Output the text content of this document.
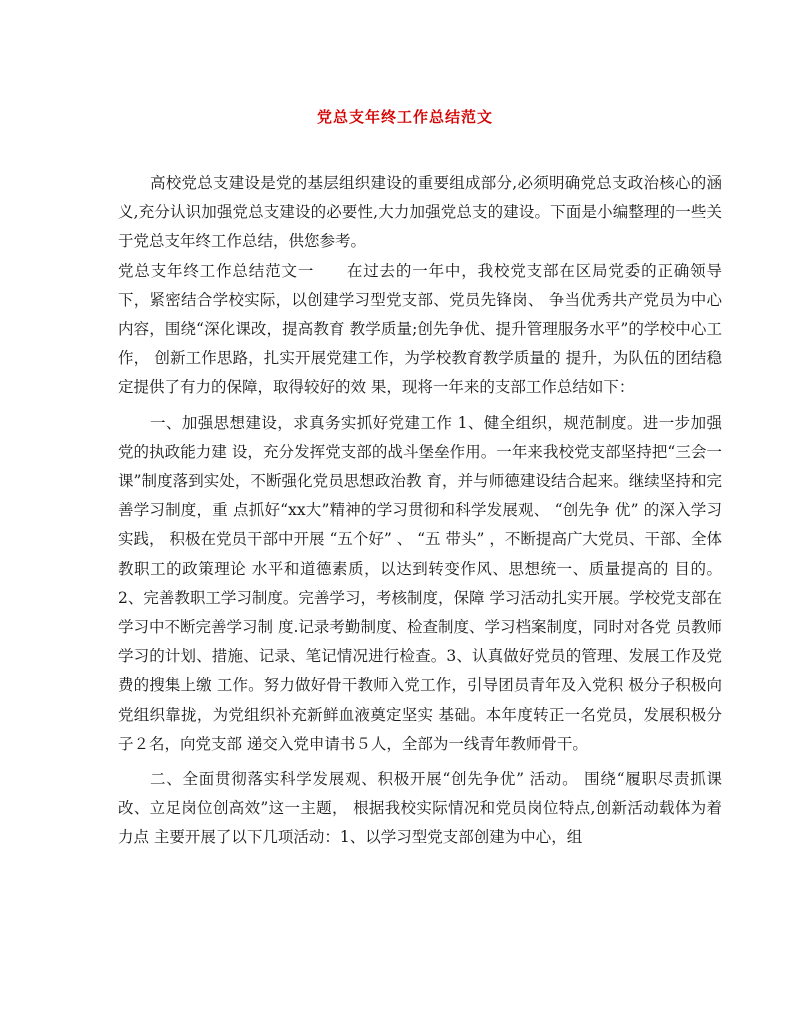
党总支年终工作总结范文

高校党总支建设是党的基层组织建设的重要组成部分,必须明确党总支政治核心的涵义,充分认识加强党总支建设的必要性,大力加强党总支的建设。下面是小编整理的一些关于党总支年终工作总结，供您参考。

党总支年终工作总结范文一　　在过去的一年中，我校党支部在区局党委的正确领导 下，紧密结合学校实际，以创建学习型党支部、党员先锋岗、 争当优秀共产党员为中心内容，围绕“深化课改，提高教育 教学质量;创先争优、提升管理服务水平”的学校中心工作， 创新工作思路，扎实开展党建工作，为学校教育教学质量的 提升，为队伍的团结稳定提供了有力的保障，取得较好的效 果，现将一年来的支部工作总结如下：

一、加强思想建设，求真务实抓好党建工作 1、健全组织，规范制度。进一步加强党的执政能力建 设，充分发挥党支部的战斗堡垒作用。一年来我校党支部坚持把“三会一课”制度落到实处，不断强化党员思想政治教 育，并与师德建设结合起来。继续坚持和完善学习制度，重 点抓好“xx大”精神的学习贯彻和科学发展观、 “创先争 优” 的深入学习实践， 积极在党员干部中开展 “五个好” 、 “五 带头” ，不断提高广大党员、干部、全体教职工的政策理论 水平和道德素质，以达到转变作风、思想统一、质量提高的 目的。 2、完善教职工学习制度。完善学习，考核制度，保障 学习活动扎实开展。学校党支部在学习中不断完善学习制 度.记录考勤制度、检查制度、学习档案制度，同时对各党 员教师学习的计划、措施、记录、笔记情况进行检查。3、认真做好党员的管理、发展工作及党费的搜集上缴 工作。努力做好骨干教师入党工作，引导团员青年及入党积 极分子积极向党组织靠拢，为党组织补充新鲜血液奠定坚实 基础。本年度转正一名党员，发展积极分子２名，向党支部 递交入党申请书５人，全部为一线青年教师骨干。

二、全面贯彻落实科学发展观、积极开展“创先争优” 活动。 围绕“履职尽责抓课改、立足岗位创高效”这一主题， 根据我校实际情况和党员岗位特点,创新活动载体为着力点 主要开展了以下几项活动：1、以学习型党支部创建为中心，组
